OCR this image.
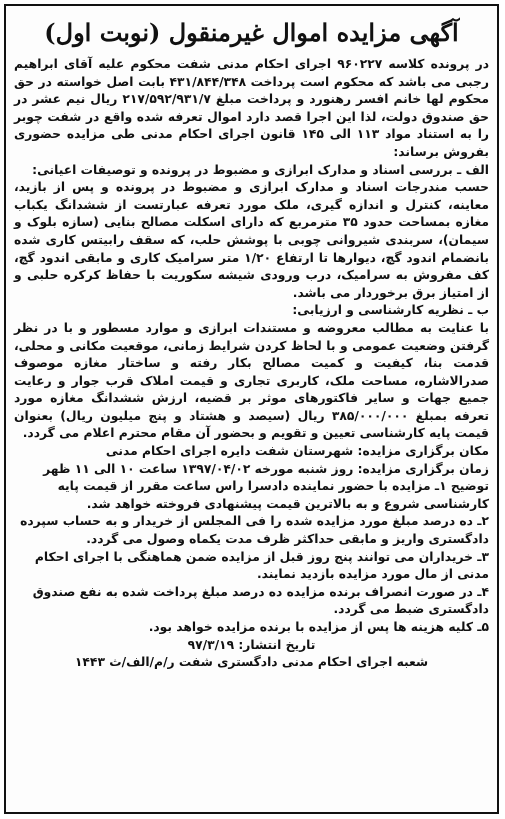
آگهی مزایده اموال غیرمنقول (نوبت اول)

در پرونده کلاسه ۹۶۰۲۲۷ اجرای احکام مدنی شفت محکوم علیه آقای ابراهیم رجبی می باشد که محکوم است پرداخت ۴۳۱/۸۴۴/۳۴۸ بابت اصل خواسته در حق محکوم لها خانم افسر رهنورد و پرداخت مبلغ ۲۱۷/۵۹۲/۹۳۱/۷ ریال نیم عشر در حق صندوق دولت، لذا این اجرا قصد دارد اموال تعرفه شده واقع در شفت چوبر را به استناد مواد ۱۱۳ الی ۱۴۵ قانون اجرای احکام مدنی طی مزایده حضوری بفروش برساند:

الف ـ بررسی اسناد و مدارک ابرازی و مضبوط در پرونده و توصیفات اعیانی:

حسب مندرجات اسناد و مدارک ابرازی و مضبوط در پرونده و پس از بازید، معاینه، کنترل و اندازه گیری، ملک مورد تعرفه عبارتست از ششدانگ یکباب مغازه بمساحت حدود ۳۵ مترمربع که دارای اسکلت مصالح بنایی (سازه بلوک و سیمان)، سربندی شیروانی چوبی با پوشش حلب، که سقف رابیتس کاری شده بانضمام اندود گچ، دیوارها تا ارتفاع ۱/۲۰ متر سرامیک کاری و مابقی اندود گچ، کف مفروش به سرامیک، درب ورودی شیشه سکوریت با حفاظ کرکره حلبی و از امتیاز برق برخوردار می باشد.

ب ـ نظریه کارشناسی و ارزیابی:

با عنایت به مطالب معروضه و مستندات ابرازی و موارد مسطور و با در نظر گرفتن وضعیت عمومی و با لحاظ کردن شرایط زمانی، موقعیت مکانی و محلی، قدمت بنا، کیفیت و کمیت مصالح بکار رفته و ساختار مغازه موصوف صدرالاشاره، مساحت ملک، کاربری تجاری و قیمت املاک قرب جوار و رعایت جمیع جهات و سایر فاکتورهای موثر بر قضیه، ارزش ششدانگ مغازه مورد تعرفه بمبلغ ۳۸۵/۰۰۰/۰۰۰ ریال (سیصد و هشتاد و پنج میلیون ریال) بعنوان قیمت پایه کارشناسی تعیین و تقویم و بحضور آن مقام محترم اعلام می گردد.

مکان برگزاری مزایده: شهرستان شفت دایره اجرای احکام مدنی

زمان برگزاری مزایده: روز شنبه مورخه ۱۳۹۷/۰۴/۰۲ ساعت ۱۰ الی ۱۱ ظهر

توضیح ۱ـ مزایده با حضور نماینده دادسرا راس ساعت مقرر از قیمت پایه کارشناسی شروع و به بالاترین قیمت پیشنهادی فروخته خواهد شد.

۲ـ ده درصد مبلغ مورد مزایده شده را فی المجلس از خریدار و به حساب سپرده دادگستری واریز و مابقی حداکثر ظرف مدت یکماه وصول می گردد.

۳ـ خریداران می توانند پنج روز قبل از مزایده ضمن هماهنگی با اجرای احکام مدنی از مال مورد مزایده بازدید نمایند.

۴ـ در صورت انصراف برنده مزایده ده درصد مبلغ پرداخت شده به نفع صندوق دادگستری ضبط می گردد.

۵ـ کلیه هزینه ها پس از مزایده با برنده مزایده خواهد بود.

تاریخ انتشار: ۹۷/۳/۱۹

شعبه اجرای احکام مدنی دادگستری شفت ر/م/الف/ث ۱۴۴۳
